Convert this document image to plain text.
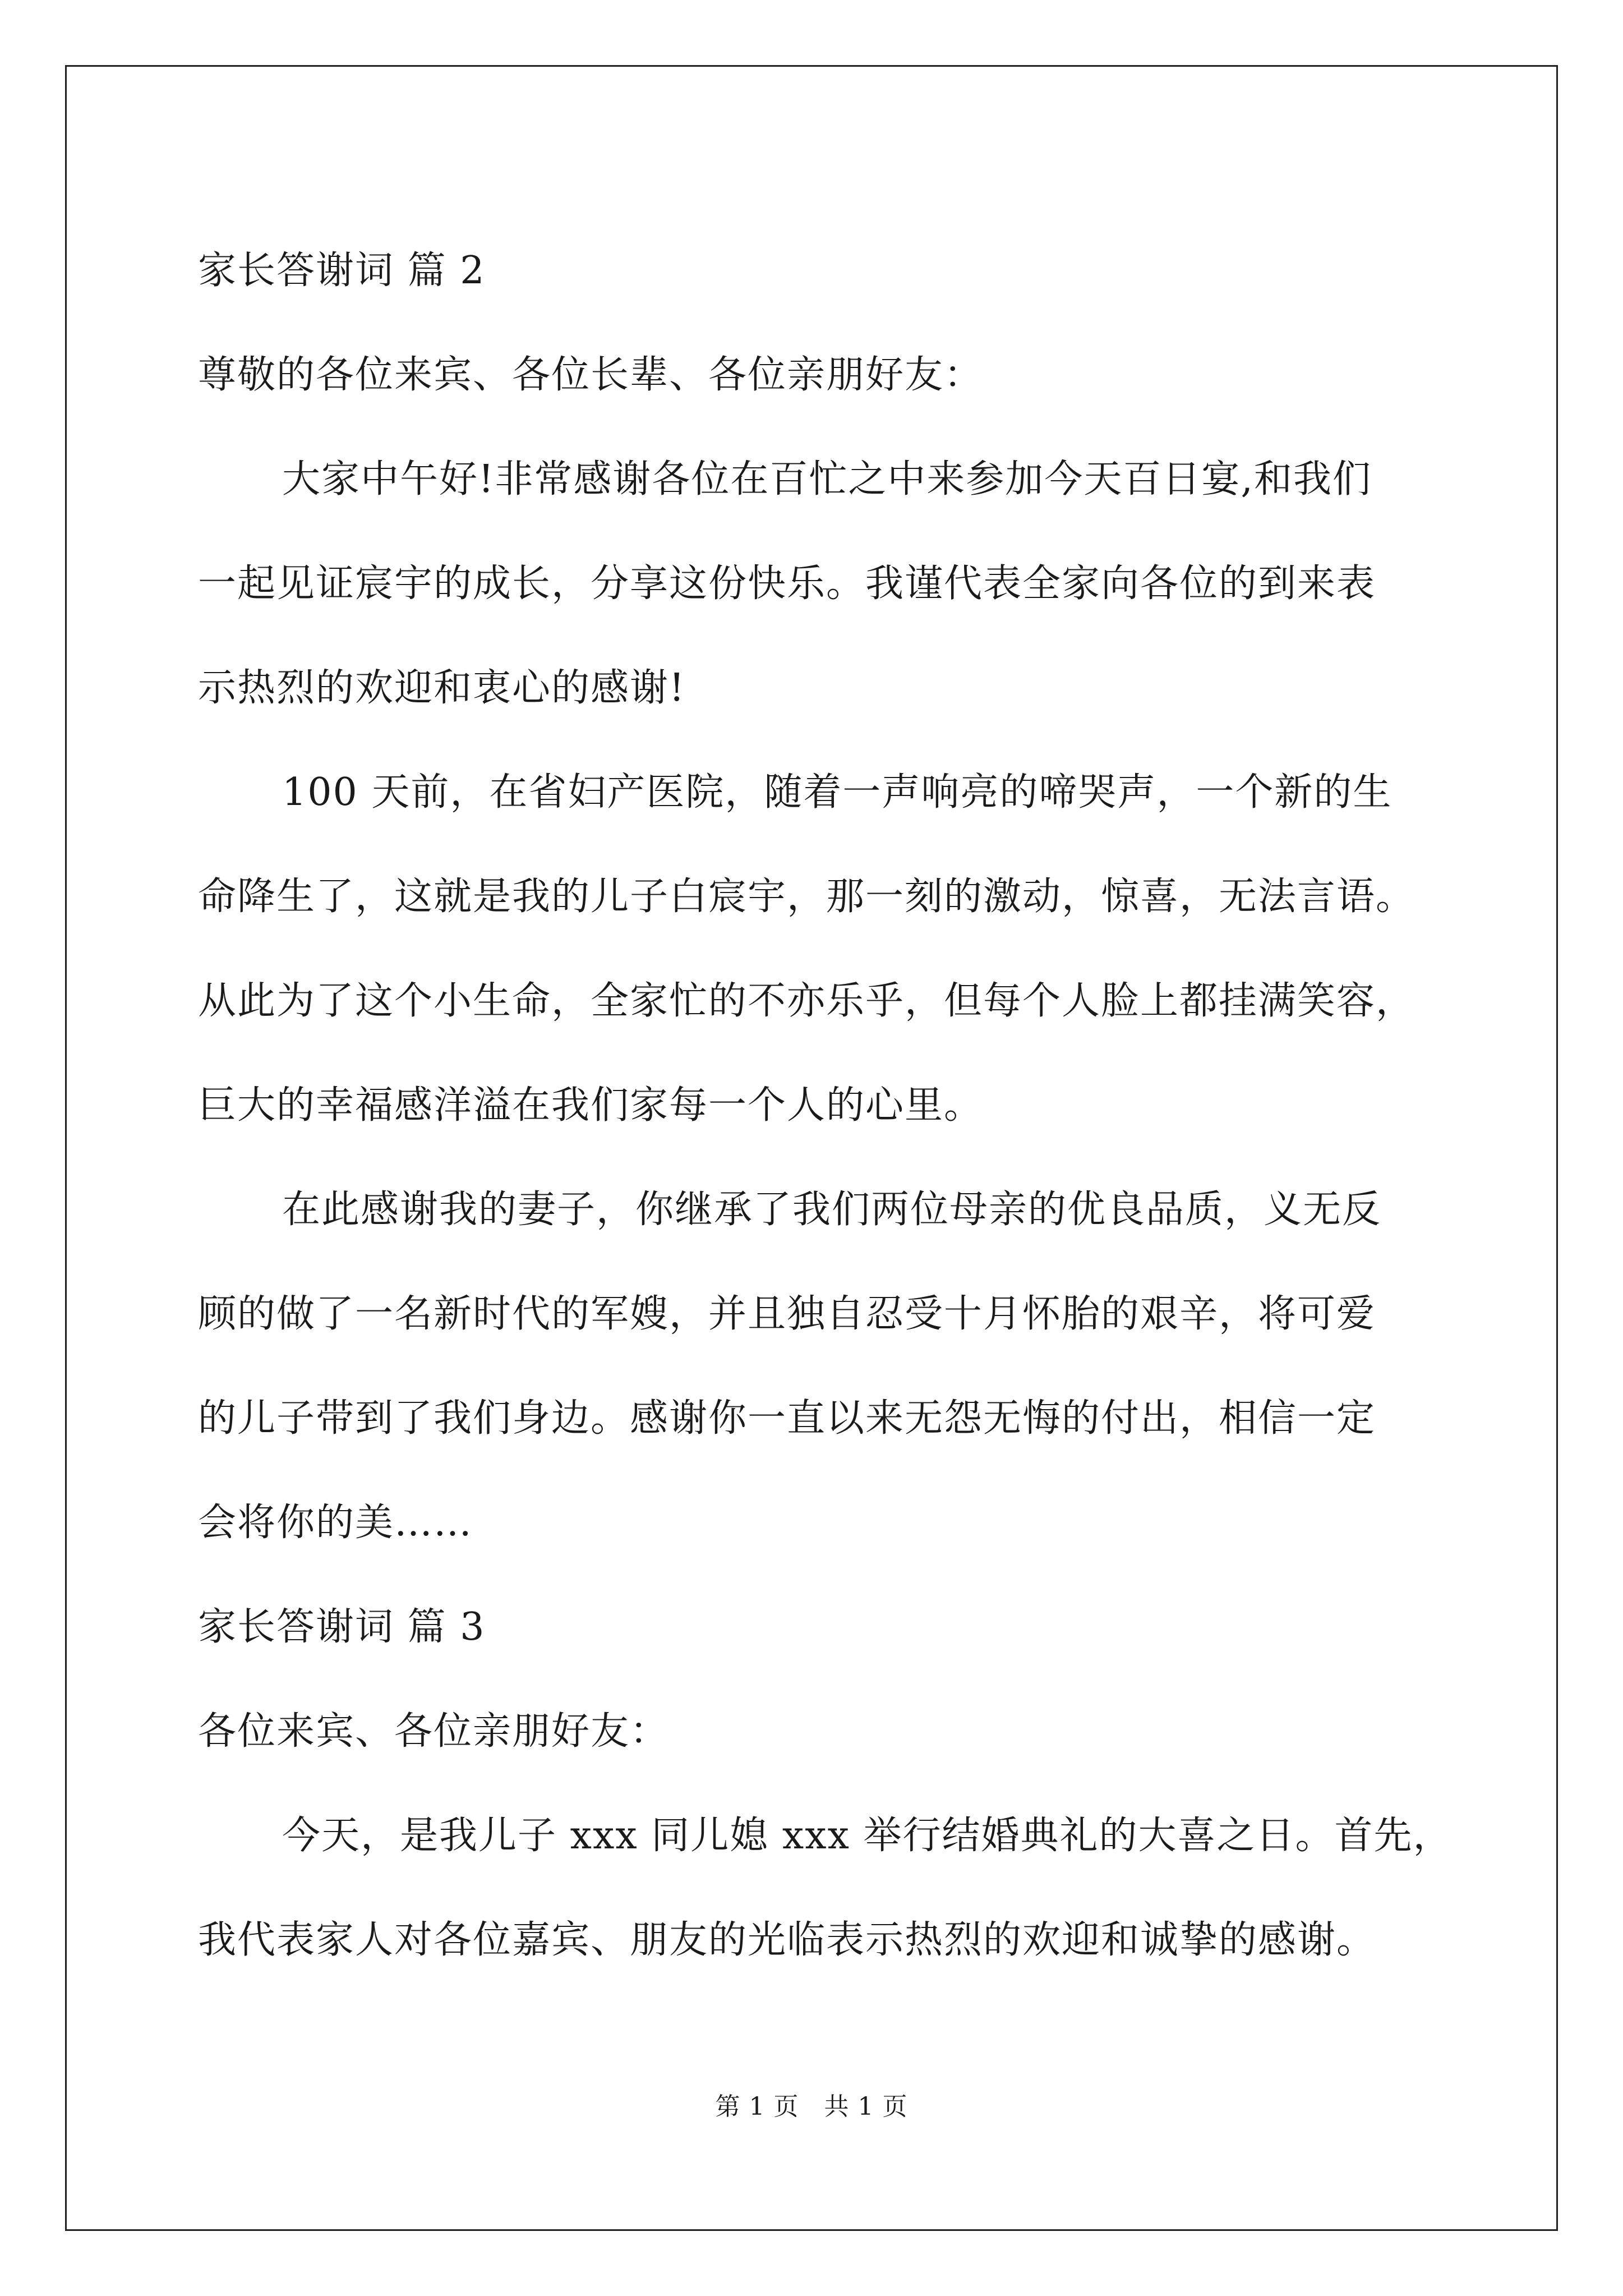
家长答谢词 篇 2
尊敬的各位来宾、各位长辈、各位亲朋好友：
大家中午好!非常感谢各位在百忙之中来参加今天百日宴,和我们
一起见证宸宇的成长，分享这份快乐。我谨代表全家向各位的到来表
示热烈的欢迎和衷心的感谢!
100 天前，在省妇产医院，随着一声响亮的啼哭声，一个新的生
命降生了，这就是我的儿子白宸宇，那一刻的激动，惊喜，无法言语。
从此为了这个小生命，全家忙的不亦乐乎，但每个人脸上都挂满笑容，
巨大的幸福感洋溢在我们家每一个人的心里。
在此感谢我的妻子，你继承了我们两位母亲的优良品质，义无反
顾的做了一名新时代的军嫂，并且独自忍受十月怀胎的艰辛，将可爱
的儿子带到了我们身边。感谢你一直以来无怨无悔的付出，相信一定
会将你的美……
家长答谢词 篇 3
各位来宾、各位亲朋好友：
今天，是我儿子 xxx 同儿媳 xxx 举行结婚典礼的大喜之日。首先，
我代表家人对各位嘉宾、朋友的光临表示热烈的欢迎和诚挚的感谢。
第 1 页　共 1 页
